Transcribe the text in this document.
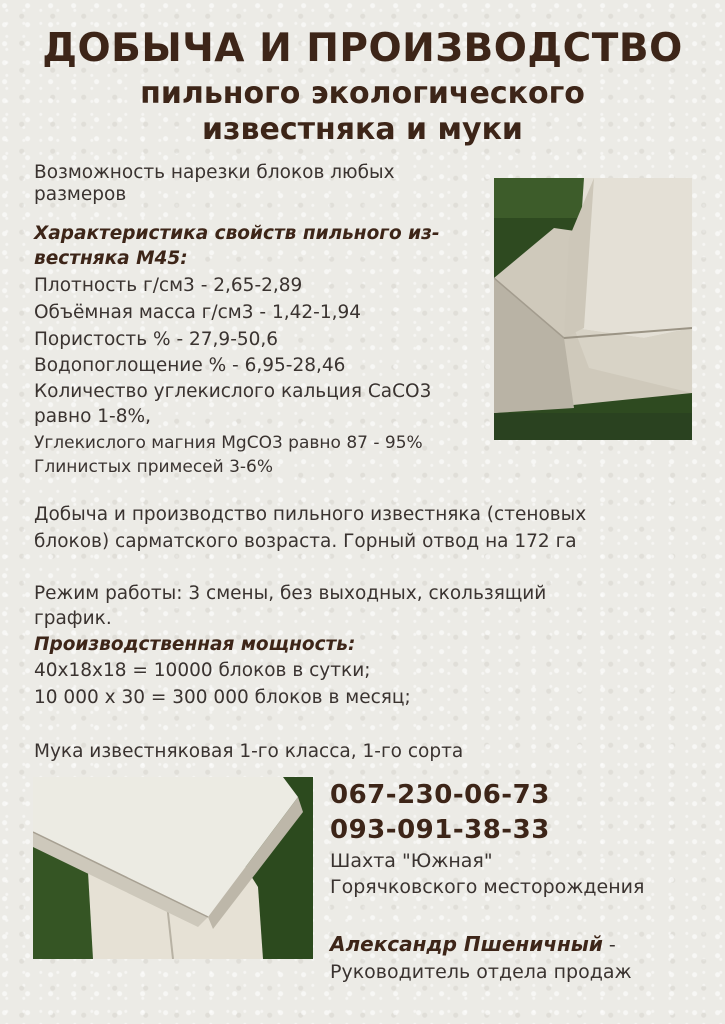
ДОБЫЧА И ПРОИЗВОДСТВО
пильного экологического
известняка и муки
Возможность нарезки блоков любых
размеров
Характеристика свойств пильного из-
вестняка М45:
Плотность г/см3 - 2,65-2,89
Объёмная масса г/см3 - 1,42-1,94
Пористость % - 27,9-50,6
Водопоглощение % - 6,95-28,46
Количество углекислого кальция CaCO3
равно 1-8%,
Углекислого магния MgCO3 равно 87 - 95%
Глинистых примесей 3-6%
Добыча и производство пильного известняка (стеновых
блоков) сарматского возраста. Горный отвод на 172 га
Режим работы: 3 смены, без выходных, скользящий
график.
Производственная мощность:
40х18х18 = 10000 блоков в сутки;
10 000 х 30 = 300 000 блоков в месяц;
Мука известняковая 1-го класса, 1-го сорта
067-230-06-73
093-091-38-33
Шахта "Южная"
Горячковского месторождения
Александр Пшеничный -
Руководитель отдела продаж
